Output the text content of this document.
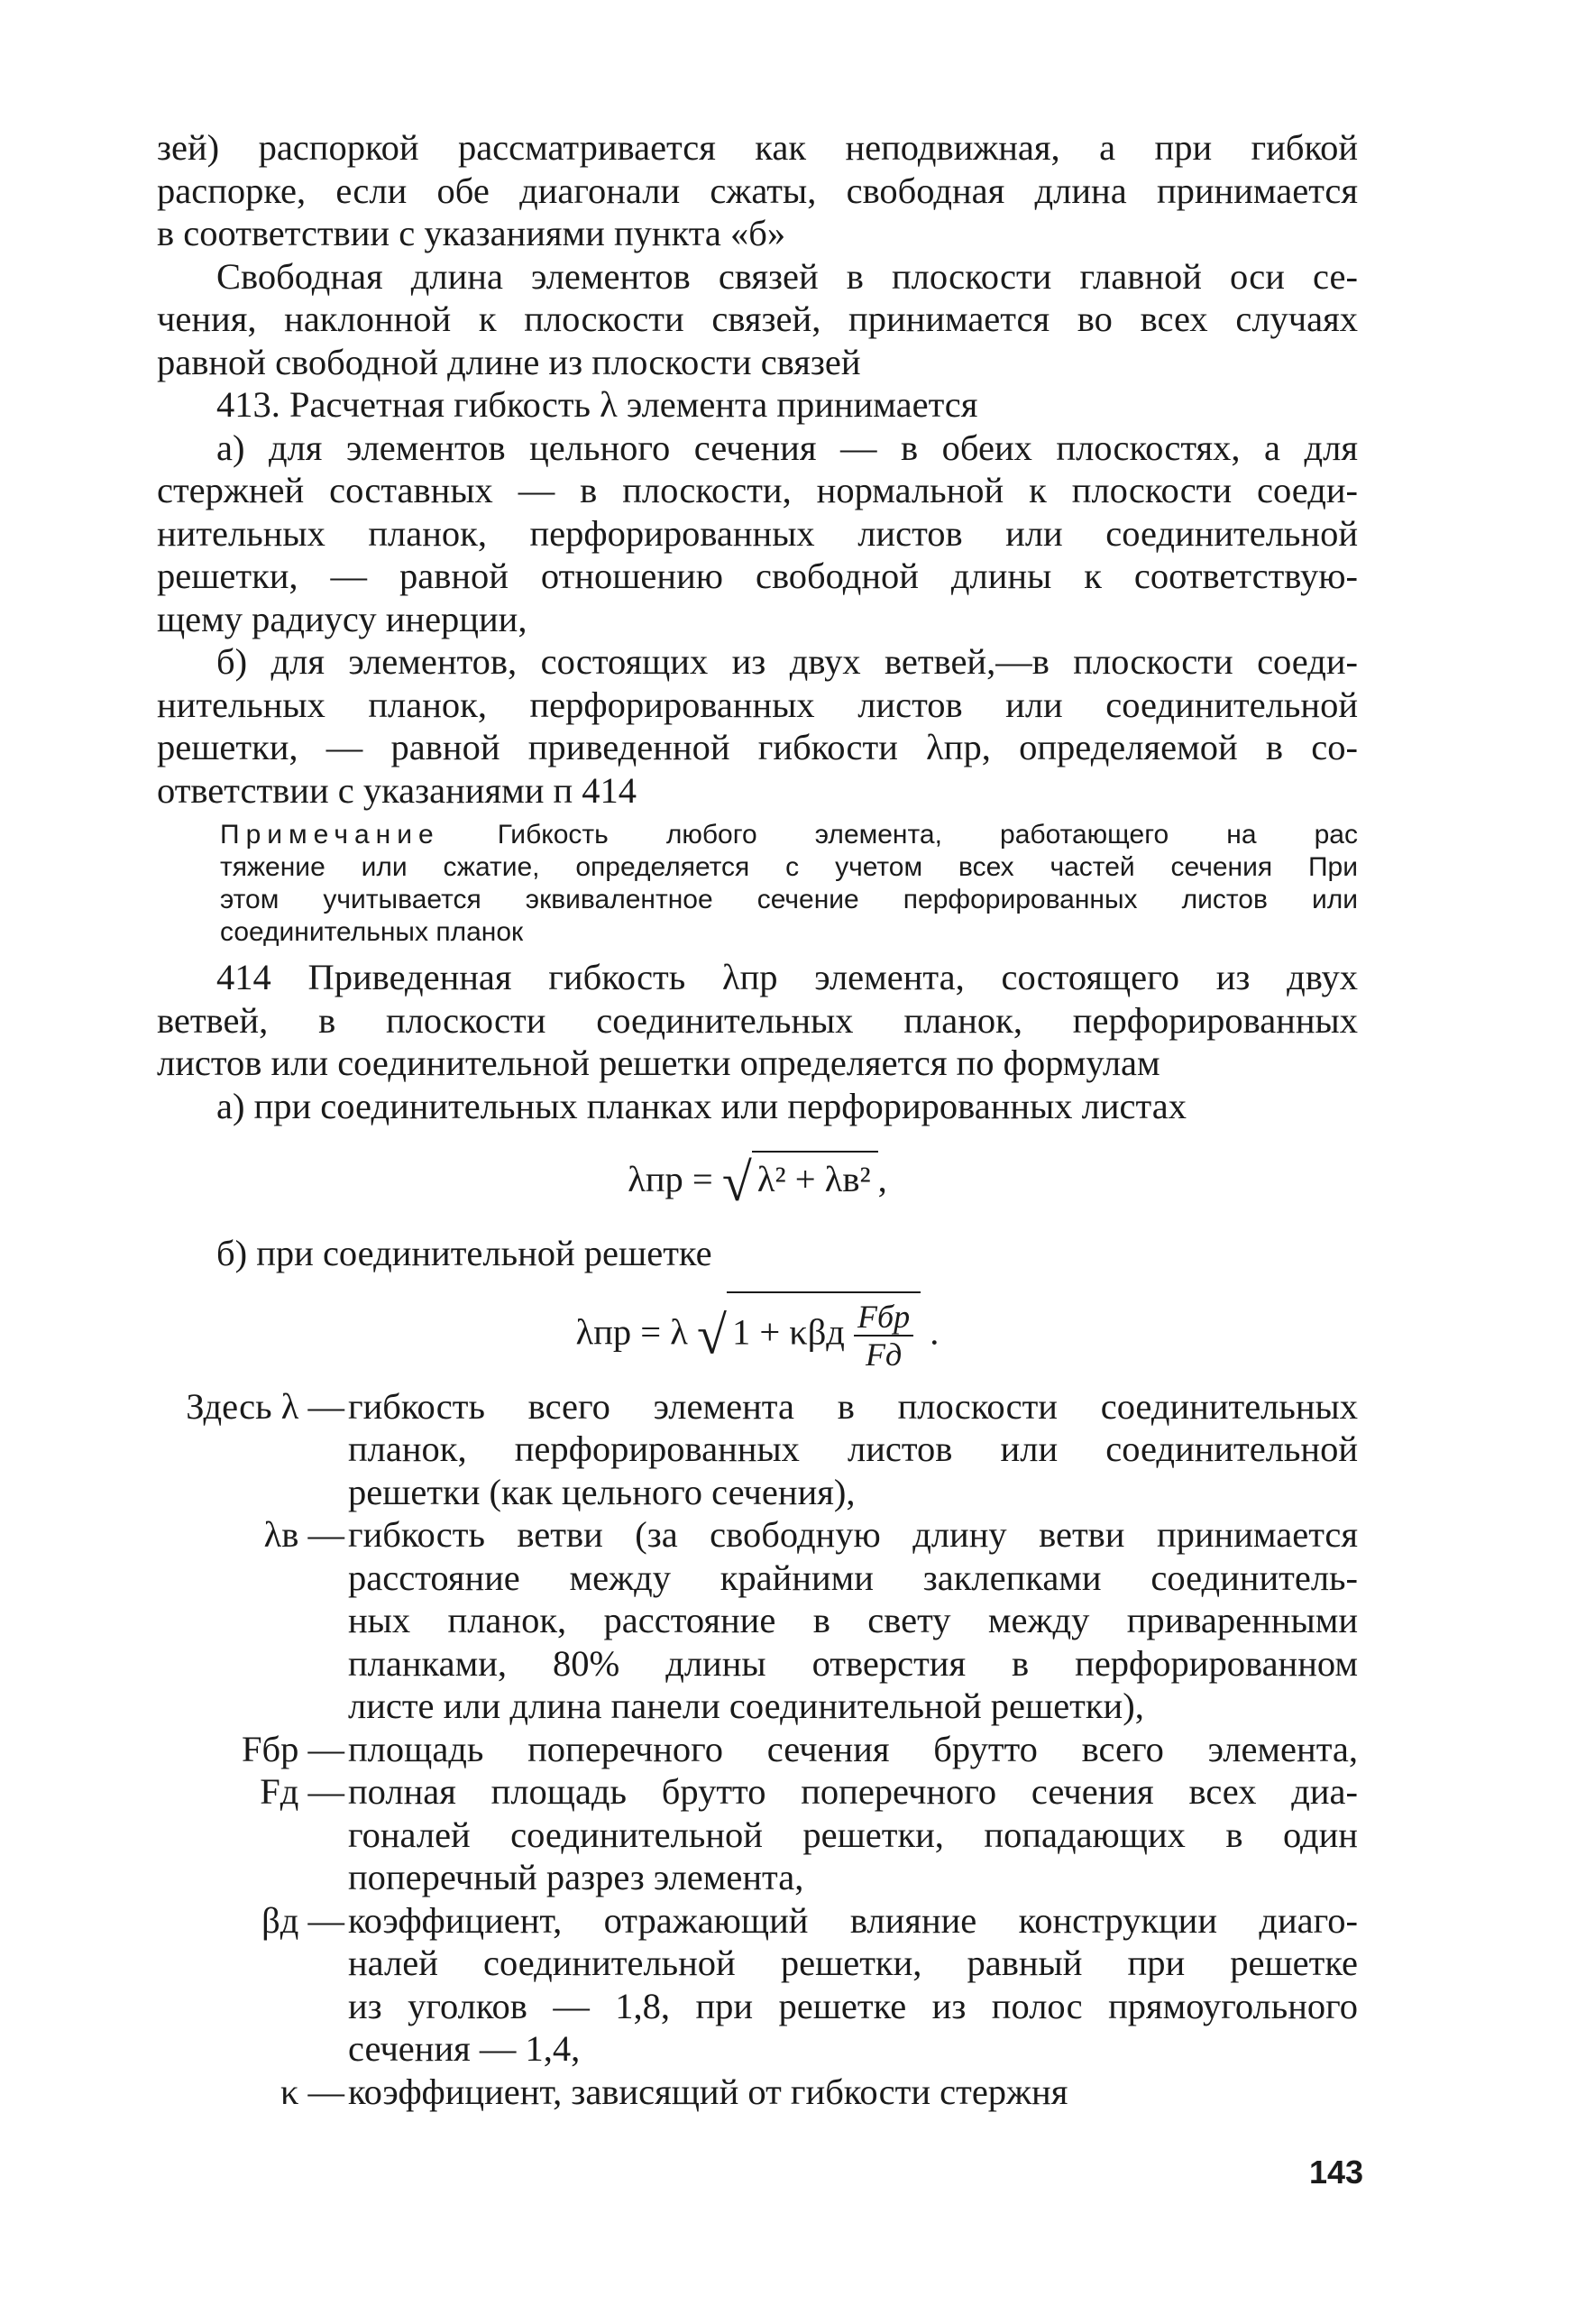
зей) распоркой рассматривается как неподвижная, а при гибкой
распорке, если обе диагонали сжаты, свободная длина принимается
в соответствии с указаниями пункта «б»
Свободная длина элементов связей в плоскости главной оси се-
чения, наклонной к плоскости связей, принимается во всех случаях
равной свободной длине из плоскости связей
413. Расчетная гибкость λ элемента принимается
а) для элементов цельного сечения — в обеих плоскостях, а для
стержней составных — в плоскости, нормальной к плоскости соеди-
нительных планок, перфорированных листов или соединительной
решетки, — равной отношению свободной длины к соответствую-
щему радиусу инерции,
б) для элементов, состоящих из двух ветвей,—в плоскости соеди-
нительных планок, перфорированных листов или соединительной
решетки, — равной приведенной гибкости λпр, определяемой в со-
ответствии с указаниями п 414
Примечание Гибкость любого элемента, работающего на рас
тяжение или сжатие, определяется с учетом всех частей сечения При
этом учитывается эквивалентное сечение перфорированных листов или
соединительных планок
414 Приведенная гибкость λпр элемента, состоящего из двух
ветвей, в плоскости соединительных планок, перфорированных
листов или соединительной решетки определяется по формулам
а) при соединительных планках или перфорированных листах
λпр = √ λ² + λв² ,
б) при соединительной решетке
λпр = λ √ 1 + κβд $\frac{\text{Fбр}}{Fд}$ .
Здесь λ — гибкость всего элемента в плоскости соединительных
планок, перфорированных листов или соединительной
решетки (как цельного сечения),
λв — гибкость ветви (за свободную длину ветви принимается
расстояние между крайними заклепками соединитель-
ных планок, расстояние в свету между приваренными
планками, 80% длины отверстия в перфорированном
листе или длина панели соединительной решетки),
Fбр — площадь поперечного сечения брутто всего элемента,
Fд — полная площадь брутто поперечного сечения всех диа-
гоналей соединительной решетки, попадающих в один
поперечный разрез элемента,
βд — коэффициент, отражающий влияние конструкции диаго-
налей соединительной решетки, равный при решетке
из уголков — 1,8, при решетке из полос прямоугольного
сечения — 1,4,
κ — коэффициент, зависящий от гибкости стержня
143
